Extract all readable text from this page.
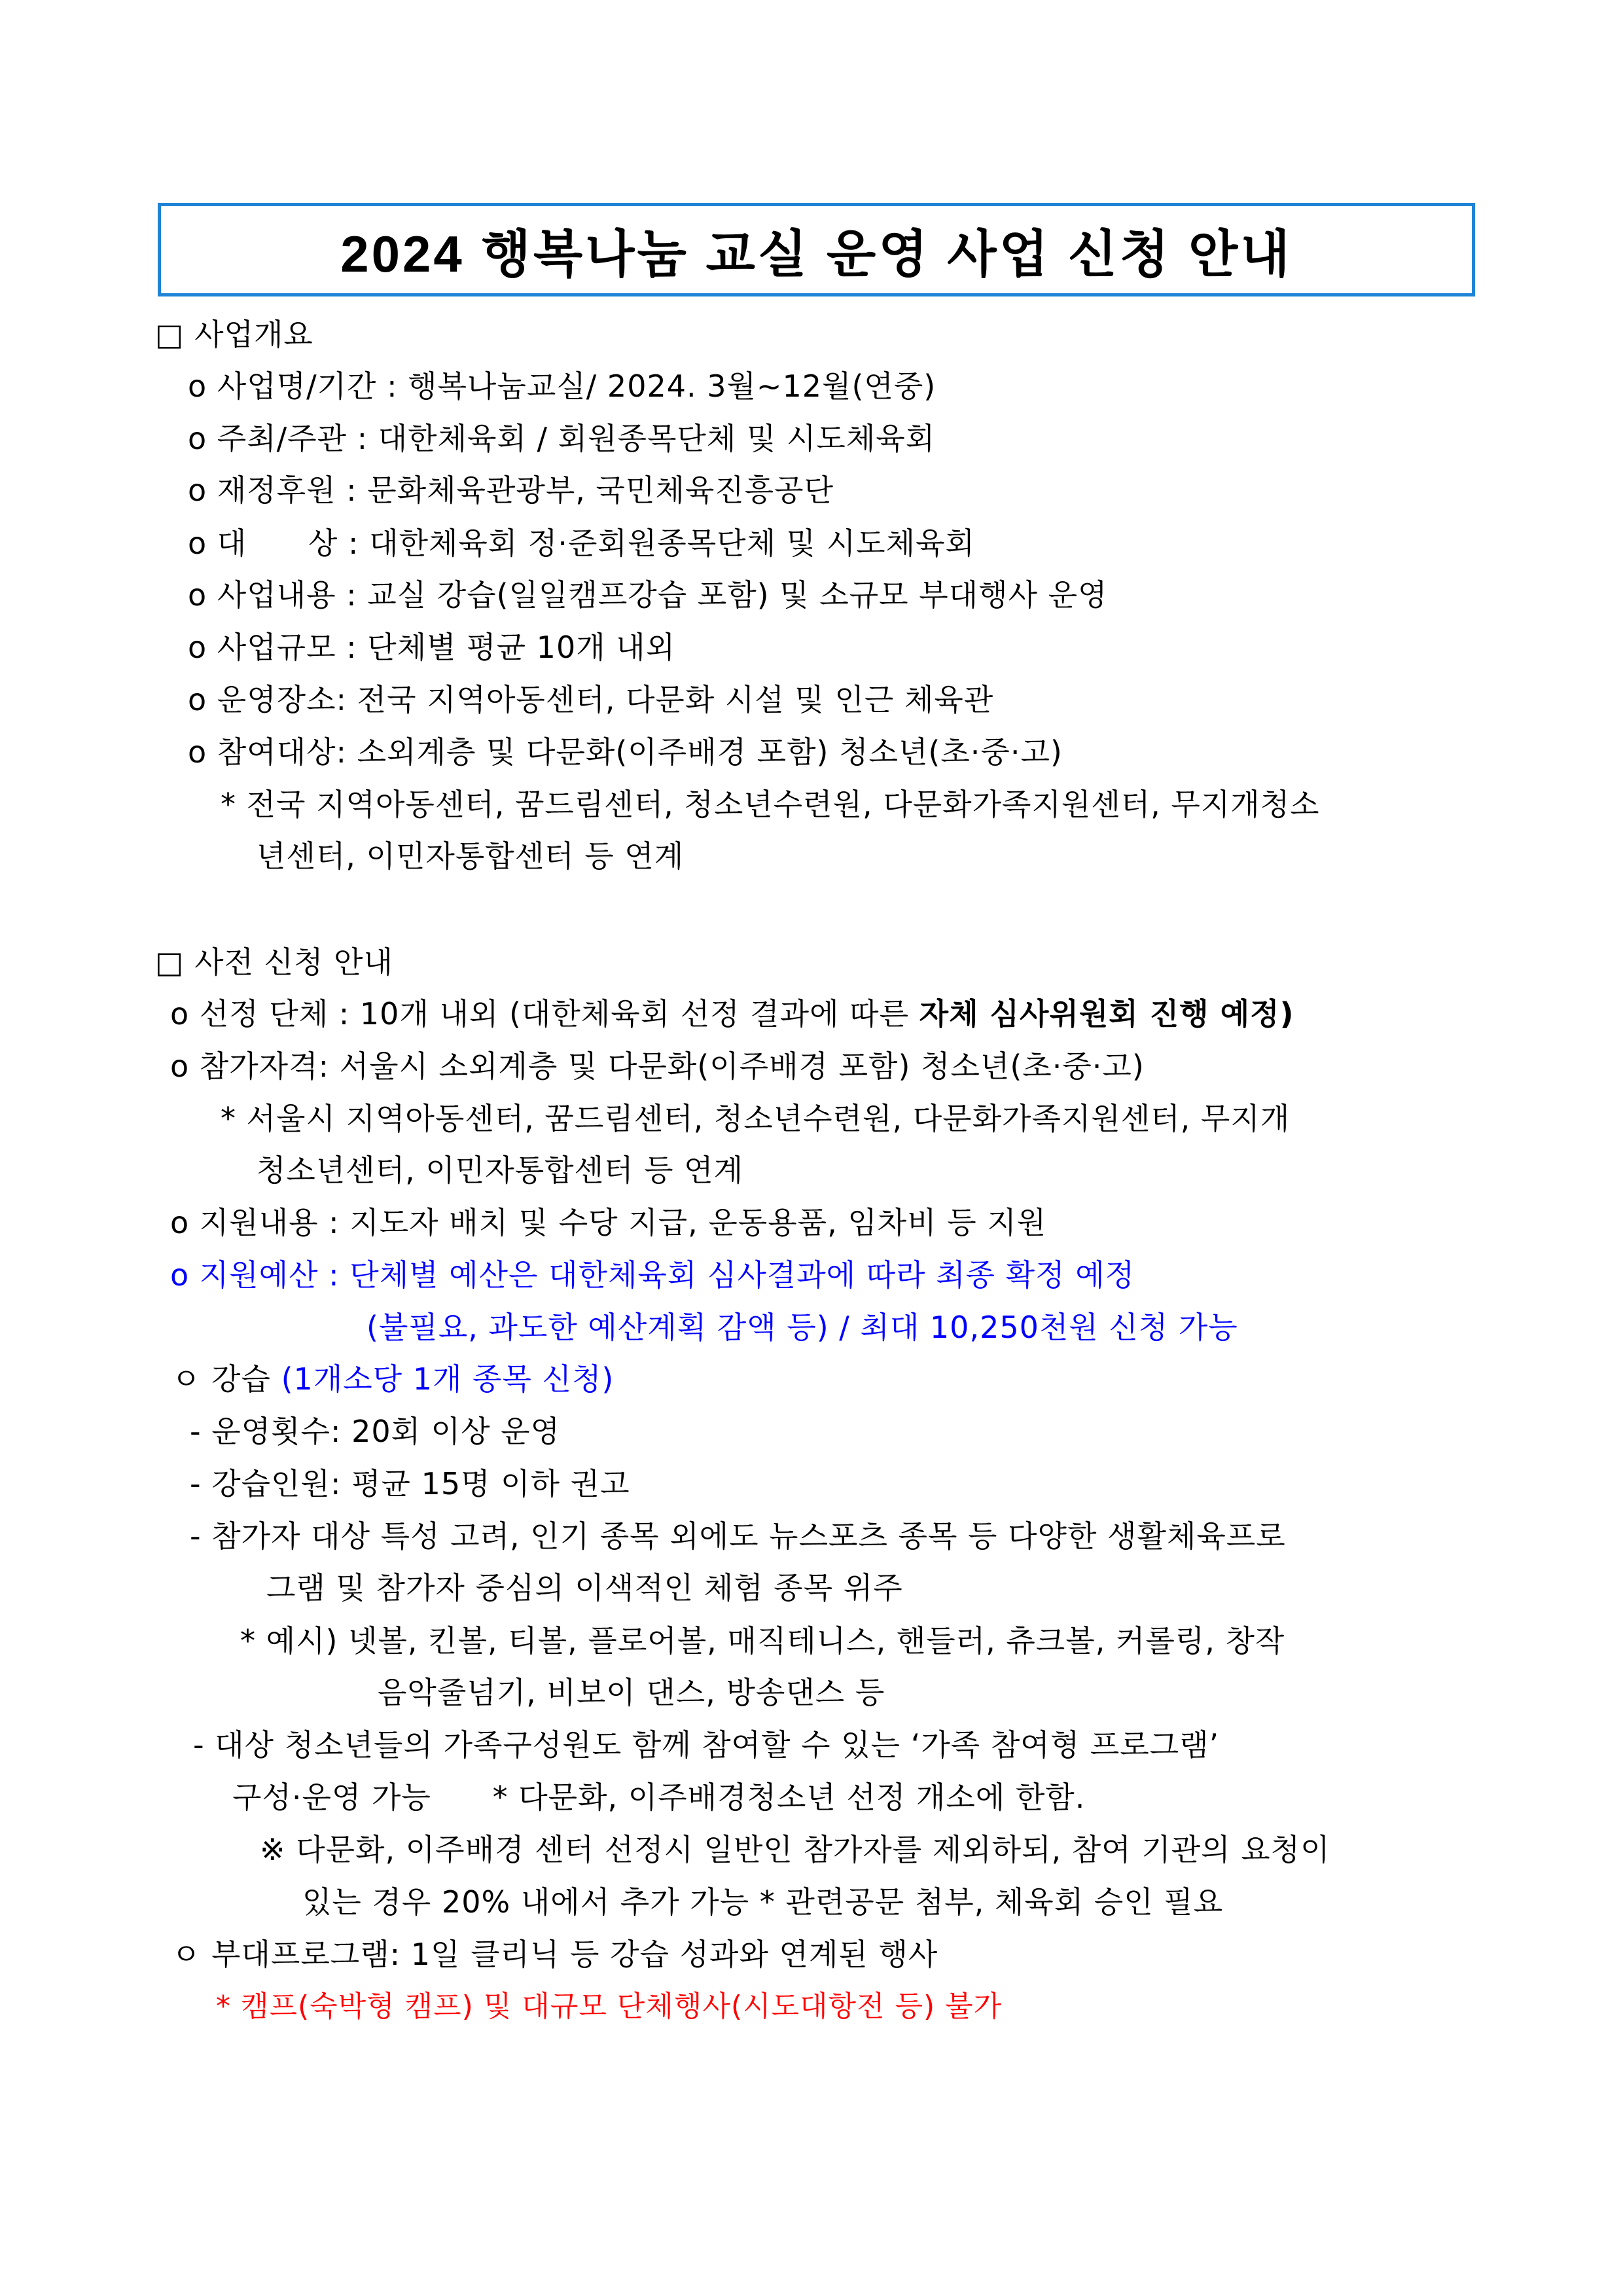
2024 행복나눔 교실 운영 사업 신청 안내
□ 사업개요
o 사업명/기간 : 행복나눔교실/ 2024. 3월~12월(연중)
o 주최/주관 : 대한체육회 / 회원종목단체 및 시도체육회
o 재정후원 : 문화체육관광부, 국민체육진흥공단
o 대      상 : 대한체육회 정·준회원종목단체 및 시도체육회
o 사업내용 : 교실 강습(일일캠프강습 포함) 및 소규모 부대행사 운영
o 사업규모 : 단체별 평균 10개 내외
o 운영장소: 전국 지역아동센터, 다문화 시설 및 인근 체육관
o 참여대상: 소외계층 및 다문화(이주배경 포함) 청소년(초·중·고)
* 전국 지역아동센터, 꿈드림센터, 청소년수련원, 다문화가족지원센터, 무지개청소
년센터, 이민자통합센터 등 연계
□ 사전 신청 안내
o 선정 단체 : 10개 내외 (대한체육회 선정 결과에 따른 자체 심사위원회 진행 예정)
o 참가자격: 서울시 소외계층 및 다문화(이주배경 포함) 청소년(초·중·고)
* 서울시 지역아동센터, 꿈드림센터, 청소년수련원, 다문화가족지원센터, 무지개
청소년센터, 이민자통합센터 등 연계
o 지원내용 : 지도자 배치 및 수당 지급, 운동용품, 임차비 등 지원
o 지원예산 : 단체별 예산은 대한체육회 심사결과에 따라 최종 확정 예정
(불필요, 과도한 예산계획 감액 등) / 최대 10,250천원 신청 가능
ㅇ 강습 (1개소당 1개 종목 신청)
- 운영횟수: 20회 이상 운영
- 강습인원: 평균 15명 이하 권고
- 참가자 대상 특성 고려, 인기 종목 외에도 뉴스포츠 종목 등 다양한 생활체육프로
그램 및 참가자 중심의 이색적인 체험 종목 위주
* 예시) 넷볼, 킨볼, 티볼, 플로어볼, 매직테니스, 핸들러, 츄크볼, 커롤링, 창작
음악줄넘기, 비보이 댄스, 방송댄스 등
- 대상 청소년들의 가족구성원도 함께 참여할 수 있는 ‘가족 참여형 프로그램’
구성·운영 가능      * 다문화, 이주배경청소년 선정 개소에 한함.
※ 다문화, 이주배경 센터 선정시 일반인 참가자를 제외하되, 참여 기관의 요청이
있는 경우 20% 내에서 추가 가능 * 관련공문 첨부, 체육회 승인 필요
ㅇ 부대프로그램: 1일 클리닉 등 강습 성과와 연계된 행사
* 캠프(숙박형 캠프) 및 대규모 단체행사(시도대항전 등) 불가
